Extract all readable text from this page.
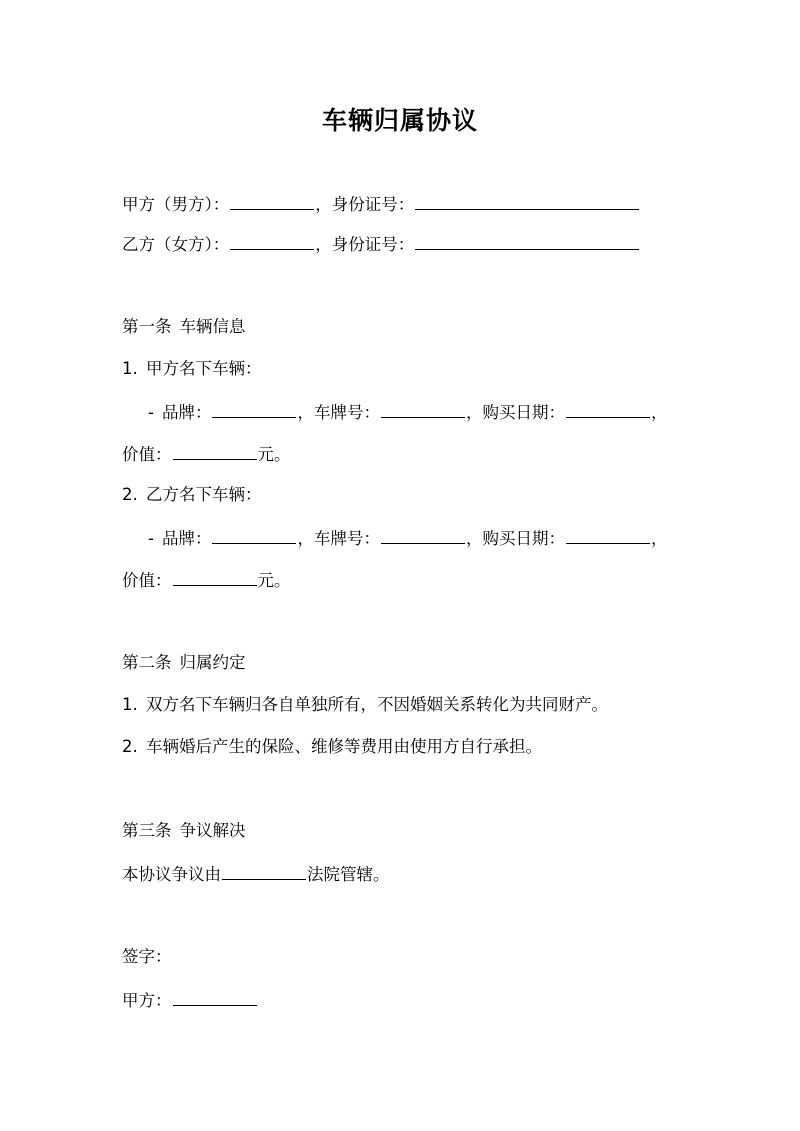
车辆归属协议
甲方（男方）：	，身份证号：
乙方（女方）：	，身份证号：
第一条 车辆信息
1. 甲方名下车辆：
- 品牌：	，车牌号：	，购买日期：	，
价值：	元。
2. 乙方名下车辆：
- 品牌：	，车牌号：	，购买日期：	，
价值：	元。
第二条 归属约定
1. 双方名下车辆归各自单独所有，不因婚姻关系转化为共同财产。
2. 车辆婚后产生的保险、维修等费用由使用方自行承担。
第三条 争议解决
本协议争议由	法院管辖。
签字：
甲方：
